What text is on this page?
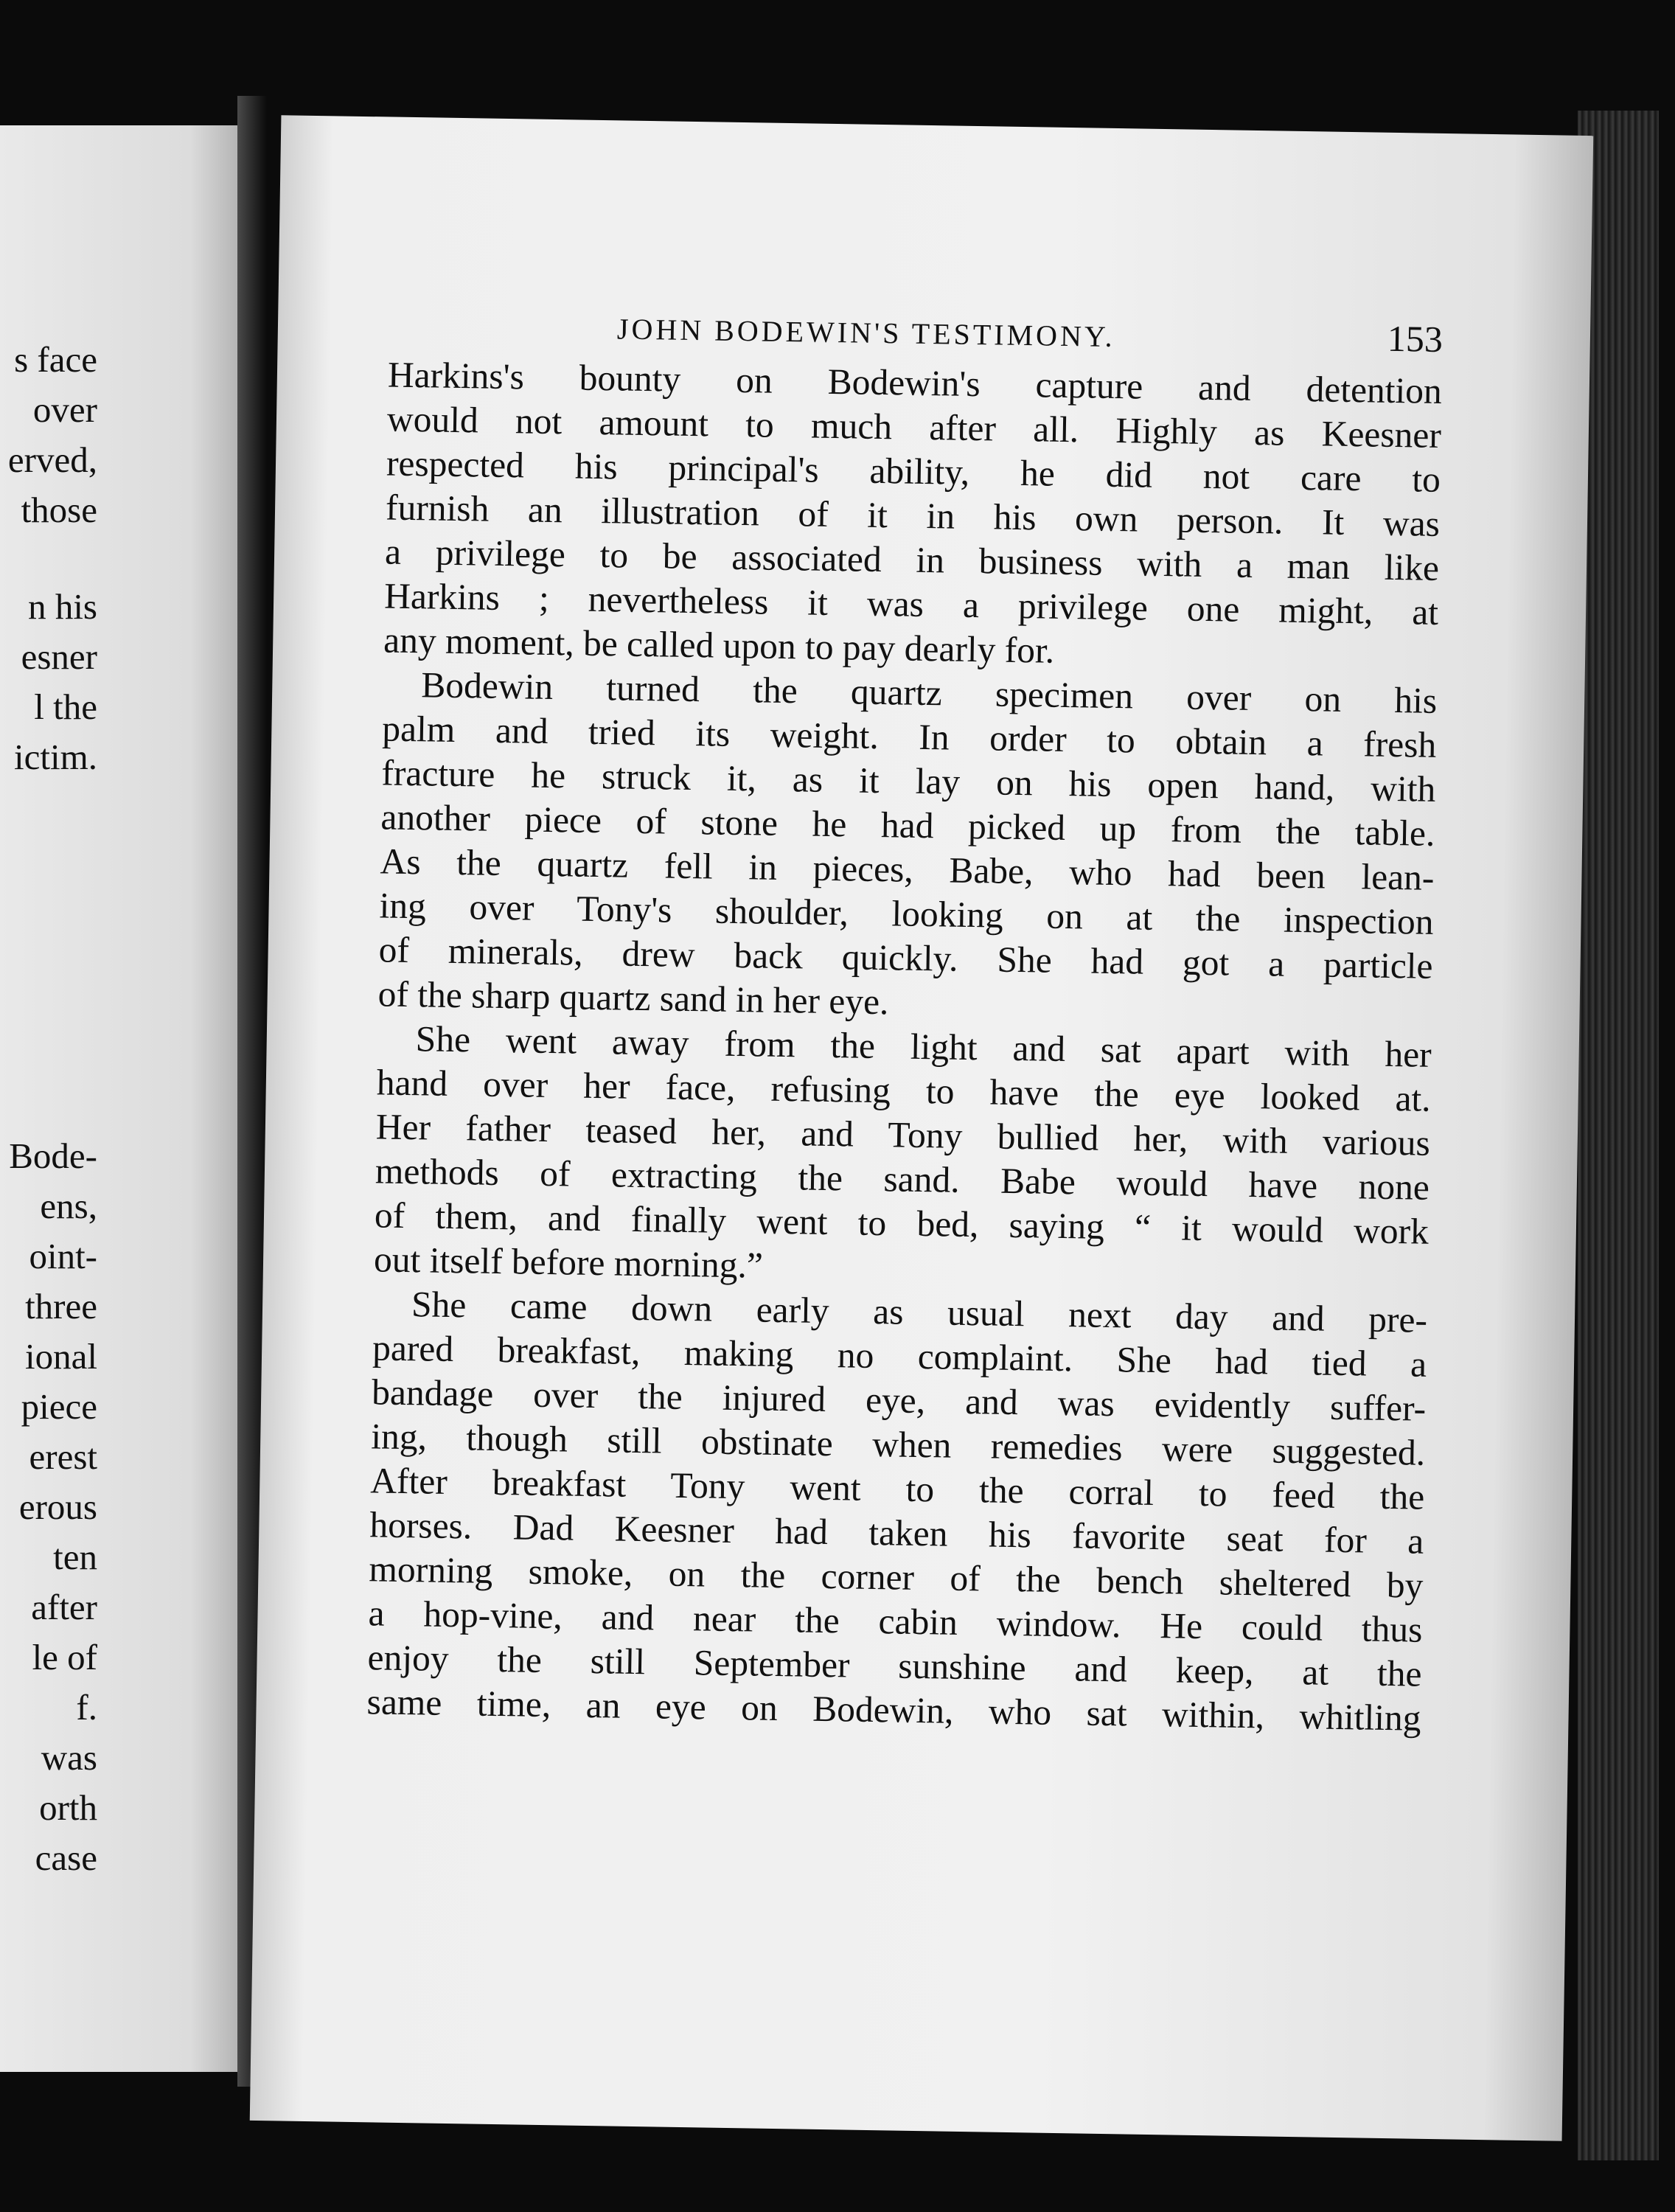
s face
over
erved,
those
n his
esner
l the
ictim.
Bode-
ens,
oint-
three
ional
piece
erest
erous
ten
after
le of
f.
was
orth
case
JOHN BODEWIN'S TESTIMONY.	153
Harkins's bounty on Bodewin's capture and detention
would not amount to much after all. Highly as Keesner
respected his principal's ability, he did not care to
furnish an illustration of it in his own person. It was
a privilege to be associated in business with a man like
Harkins ; nevertheless it was a privilege one might, at
any moment, be called upon to pay dearly for.
Bodewin turned the quartz specimen over on his
palm and tried its weight. In order to obtain a fresh
fracture he struck it, as it lay on his open hand, with
another piece of stone he had picked up from the table.
As the quartz fell in pieces, Babe, who had been lean-
ing over Tony's shoulder, looking on at the inspection
of minerals, drew back quickly. She had got a particle
of the sharp quartz sand in her eye.
She went away from the light and sat apart with her
hand over her face, refusing to have the eye looked at.
Her father teased her, and Tony bullied her, with various
methods of extracting the sand. Babe would have none
of them, and finally went to bed, saying “ it would work
out itself before morning.”
She came down early as usual next day and pre-
pared breakfast, making no complaint. She had tied a
bandage over the injured eye, and was evidently suffer-
ing, though still obstinate when remedies were suggested.
After breakfast Tony went to the corral to feed the
horses. Dad Keesner had taken his favorite seat for a
morning smoke, on the corner of the bench sheltered by
a hop-vine, and near the cabin window. He could thus
enjoy the still September sunshine and keep, at the
same time, an eye on Bodewin, who sat within, whitling
